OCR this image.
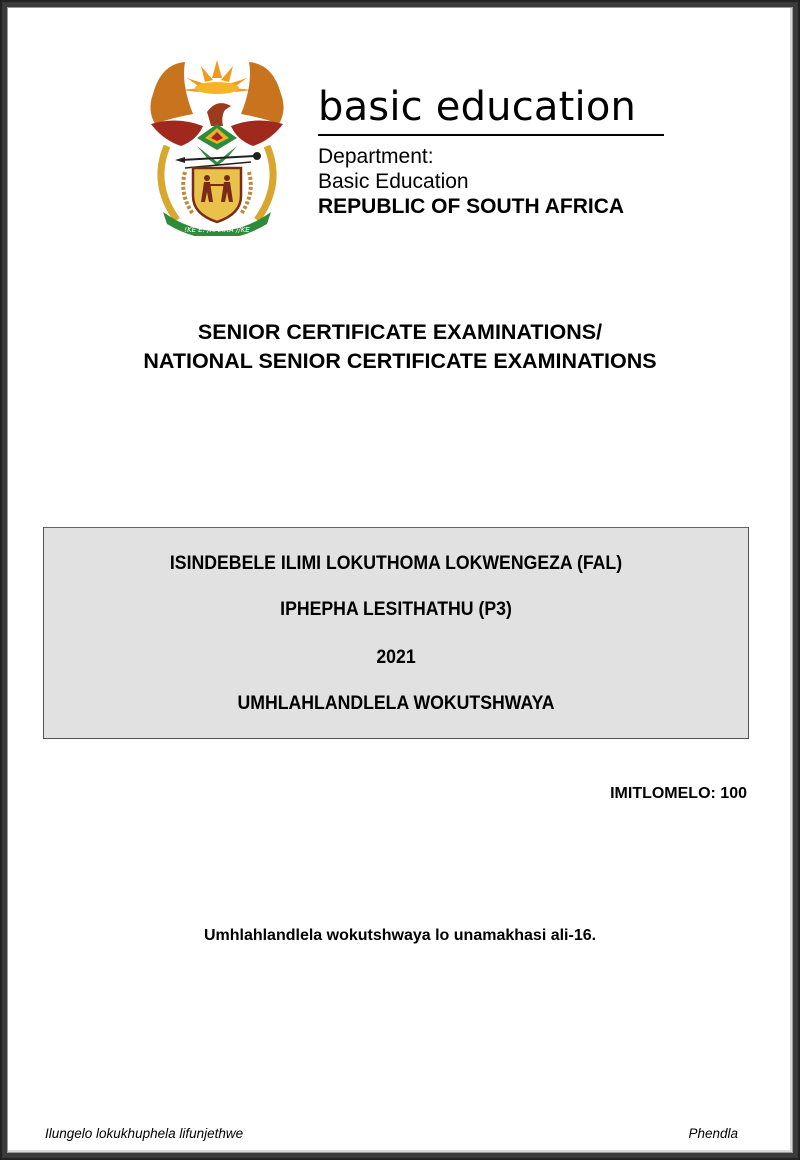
!KE E: /XARRA //KE
basic education
Department:
Basic Education
REPUBLIC OF SOUTH AFRICA
SENIOR CERTIFICATE EXAMINATIONS/
NATIONAL SENIOR CERTIFICATE EXAMINATIONS
ISINDEBELE ILIMI LOKUTHOMA LOKWENGEZA (FAL)
IPHEPHA LESITHATHU (P3)
2021
UMHLAHLANDLELA WOKUTSHWAYA
IMITLOMELO: 100
Umhlahlandlela wokutshwaya lo unamakhasi ali-16.
Ilungelo lokukhuphela lifunjethwe	Phendla
